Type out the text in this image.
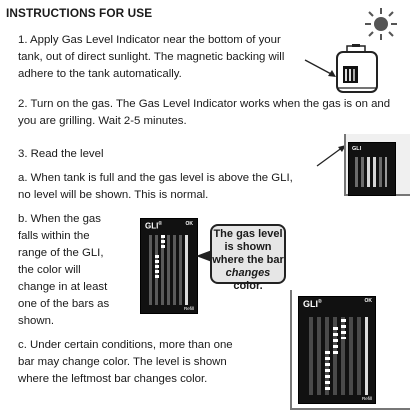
INSTRUCTIONS FOR USE
1. Apply Gas Level Indicator near the bottom of your
tank, out of direct sunlight. The magnetic backing will
adhere to the tank automatically.
2. Turn on the gas. The Gas Level Indicator works when the gas is on and
you are grilling. Wait 2-5 minutes.
3. Read the level	GLI
a. When tank is full and the gas level is above the GLI,
no level will be shown. This is normal.
b. When the gas
falls within the
range of the GLI,
the color will
change in at least
one of the bars as
shown.
GLI®	OK
Refill
The gas level
is shown
where the bar
changes color.
c. Under certain conditions, more than one
bar may change color. The level is shown
where the leftmost bar changes color.
GLI®	OK
Refill
